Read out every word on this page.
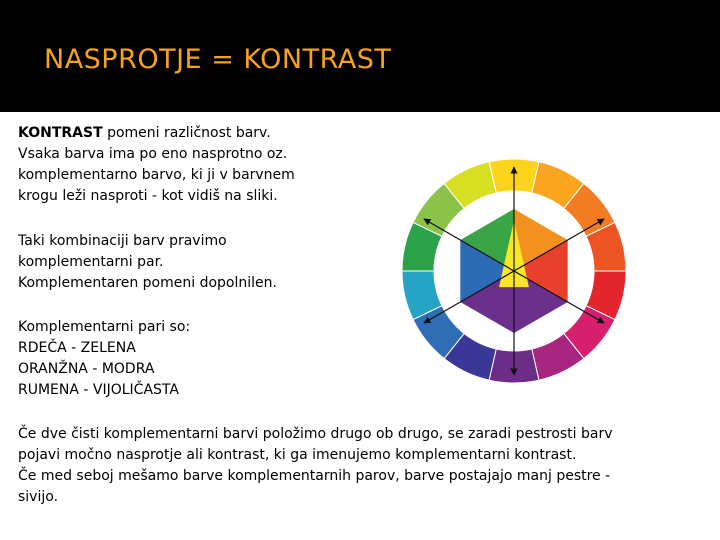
NASPROTJE = KONTRAST

KONTRAST pomeni različnost barv.

Vsaka barva ima po eno nasprotno oz.

komplementarno barvo, ki ji v barvnem

krogu leži nasproti - kot vidiš na sliki.

Taki kombinaciji barv pravimo

komplementarni par.

Komplementaren pomeni dopolnilen.

Komplementarni pari so:

RDEČA - ZELENA

ORANŽNA - MODRA

RUMENA - VIJOLIČASTA

Če dve čisti komplementarni barvi položimo drugo ob drugo, se zaradi pestrosti barv

pojavi močno nasprotje ali kontrast, ki ga imenujemo komplementarni kontrast.

Če med seboj mešamo barve komplementarnih parov, barve postajajo manj pestre -

sivijo.
